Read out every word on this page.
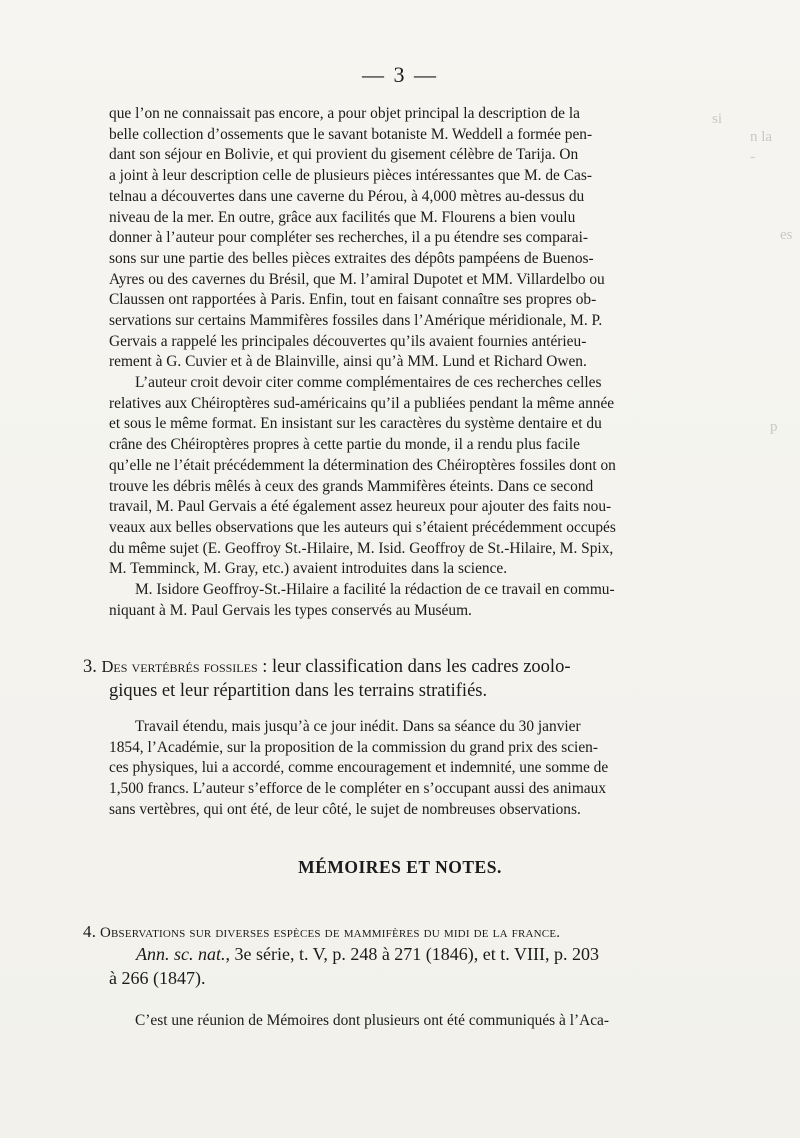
si
n la
-
es
p
— 3 —

que l’on ne connaissait pas encore, a pour objet principal la description de la

belle collection d’ossements que le savant botaniste M. Weddell a formée pen-

dant son séjour en Bolivie, et qui provient du gisement célèbre de Tarija. On

a joint à leur description celle de plusieurs pièces intéressantes que M. de Cas-

telnau a découvertes dans une caverne du Pérou, à 4,000 mètres au-dessus du

niveau de la mer. En outre, grâce aux facilités que M. Flourens a bien voulu

donner à l’auteur pour compléter ses recherches, il a pu étendre ses comparai-

sons sur une partie des belles pièces extraites des dépôts pampéens de Buenos-

Ayres ou des cavernes du Brésil, que M. l’amiral Dupotet et MM. Villardelbo ou

Claussen ont rapportées à Paris. Enfin, tout en faisant connaître ses propres ob-

servations sur certains Mammifères fossiles dans l’Amérique méridionale, M. P.

Gervais a rappelé les principales découvertes qu’ils avaient fournies antérieu-

rement à G. Cuvier et à de Blainville, ainsi qu’à MM. Lund et Richard Owen.

L’auteur croit devoir citer comme complémentaires de ces recherches celles

relatives aux Chéiroptères sud-américains qu’il a publiées pendant la même année

et sous le même format. En insistant sur les caractères du système dentaire et du

crâne des Chéiroptères propres à cette partie du monde, il a rendu plus facile

qu’elle ne l’était précédemment la détermination des Chéiroptères fossiles dont on

trouve les débris mêlés à ceux des grands Mammifères éteints. Dans ce second

travail, M. Paul Gervais a été également assez heureux pour ajouter des faits nou-

veaux aux belles observations que les auteurs qui s’étaient précédemment occupés

du même sujet (E. Geoffroy St.-Hilaire, M. Isid. Geoffroy de St.-Hilaire, M. Spix,

M. Temminck, M. Gray, etc.) avaient introduites dans la science.

M. Isidore Geoffroy-St.-Hilaire a facilité la rédaction de ce travail en commu-

niquant à M. Paul Gervais les types conservés au Muséum.

3. Des vertébrés fossiles : leur classification dans les cadres zoolo-
giques et leur répartition dans les terrains stratifiés.

Travail étendu, mais jusqu’à ce jour inédit. Dans sa séance du 30 janvier

1854, l’Académie, sur la proposition de la commission du grand prix des scien-

ces physiques, lui a accordé, comme encouragement et indemnité, une somme de

1,500 francs. L’auteur s’efforce de le compléter en s’occupant aussi des animaux

sans vertèbres, qui ont été, de leur côté, le sujet de nombreuses observations.

MÉMOIRES ET NOTES.
4. Observations sur diverses espèces de mammifères du midi de la france.
Ann. sc. nat., 3e série, t. V, p. 248 à 271 (1846), et t. VIII, p. 203
à 266 (1847).

C’est une réunion de Mémoires dont plusieurs ont été communiqués à l’Aca-
